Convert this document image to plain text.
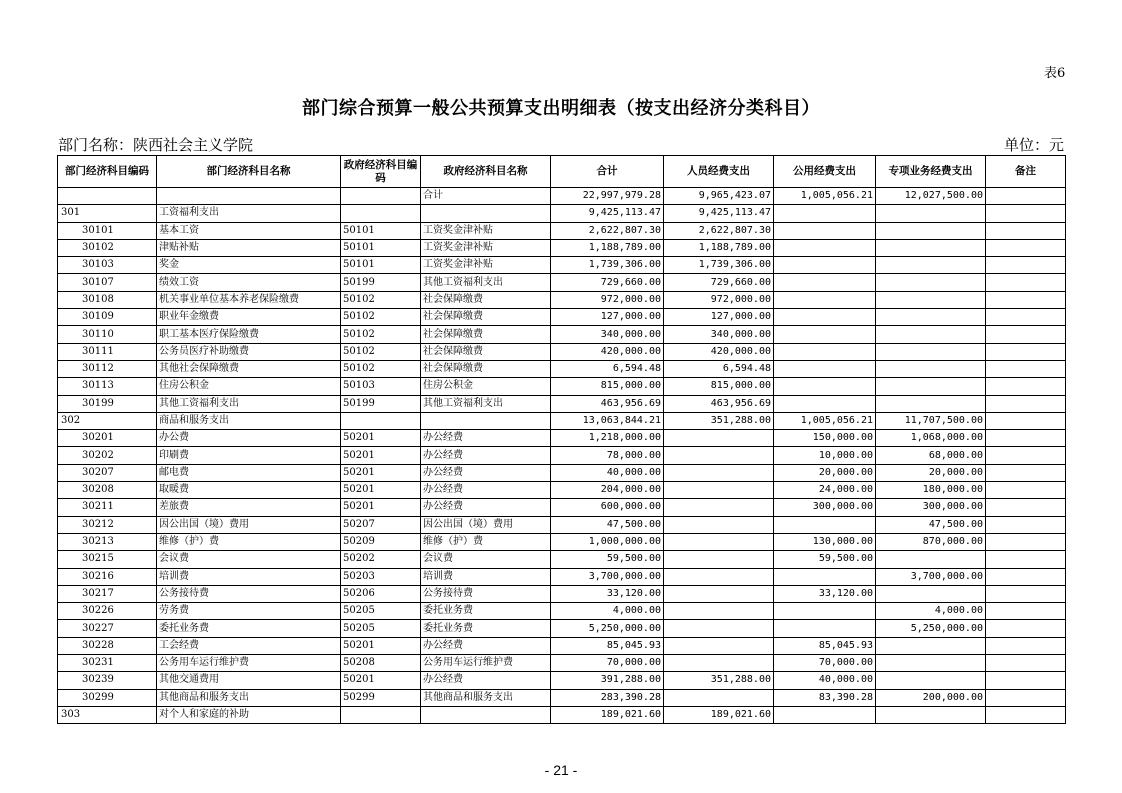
表6
部门综合预算一般公共预算支出明细表（按支出经济分类科目）
部门名称：陕西社会主义学院	单位：元
部门经济科目编码	部门经济科目名称	政府经济科目编码	政府经济科目名称	合计	人员经费支出	公用经费支出	专项业务经费支出	备注
			合计	22,997,979.28	9,965,423.07	1,005,056.21	12,027,500.00	
301	工资福利支出			9,425,113.47	9,425,113.47			
30101	基本工资	50101	工资奖金津补贴	2,622,807.30	2,622,807.30			
30102	津贴补贴	50101	工资奖金津补贴	1,188,789.00	1,188,789.00			
30103	奖金	50101	工资奖金津补贴	1,739,306.00	1,739,306.00			
30107	绩效工资	50199	其他工资福利支出	729,660.00	729,660.00			
30108	机关事业单位基本养老保险缴费	50102	社会保障缴费	972,000.00	972,000.00			
30109	职业年金缴费	50102	社会保障缴费	127,000.00	127,000.00			
30110	职工基本医疗保险缴费	50102	社会保障缴费	340,000.00	340,000.00			
30111	公务员医疗补助缴费	50102	社会保障缴费	420,000.00	420,000.00			
30112	其他社会保障缴费	50102	社会保障缴费	6,594.48	6,594.48			
30113	住房公积金	50103	住房公积金	815,000.00	815,000.00			
30199	其他工资福利支出	50199	其他工资福利支出	463,956.69	463,956.69			
302	商品和服务支出			13,063,844.21	351,288.00	1,005,056.21	11,707,500.00	
30201	办公费	50201	办公经费	1,218,000.00		150,000.00	1,068,000.00	
30202	印刷费	50201	办公经费	78,000.00		10,000.00	68,000.00	
30207	邮电费	50201	办公经费	40,000.00		20,000.00	20,000.00	
30208	取暖费	50201	办公经费	204,000.00		24,000.00	180,000.00	
30211	差旅费	50201	办公经费	600,000.00		300,000.00	300,000.00	
30212	因公出国（境）费用	50207	因公出国（境）费用	47,500.00			47,500.00	
30213	维修（护）费	50209	维修（护）费	1,000,000.00		130,000.00	870,000.00	
30215	会议费	50202	会议费	59,500.00		59,500.00		
30216	培训费	50203	培训费	3,700,000.00			3,700,000.00	
30217	公务接待费	50206	公务接待费	33,120.00		33,120.00		
30226	劳务费	50205	委托业务费	4,000.00			4,000.00	
30227	委托业务费	50205	委托业务费	5,250,000.00			5,250,000.00	
30228	工会经费	50201	办公经费	85,045.93		85,045.93		
30231	公务用车运行维护费	50208	公务用车运行维护费	70,000.00		70,000.00		
30239	其他交通费用	50201	办公经费	391,288.00	351,288.00	40,000.00		
30299	其他商品和服务支出	50299	其他商品和服务支出	283,390.28		83,390.28	200,000.00	
303	对个人和家庭的补助			189,021.60	189,021.60			
- 21 -
